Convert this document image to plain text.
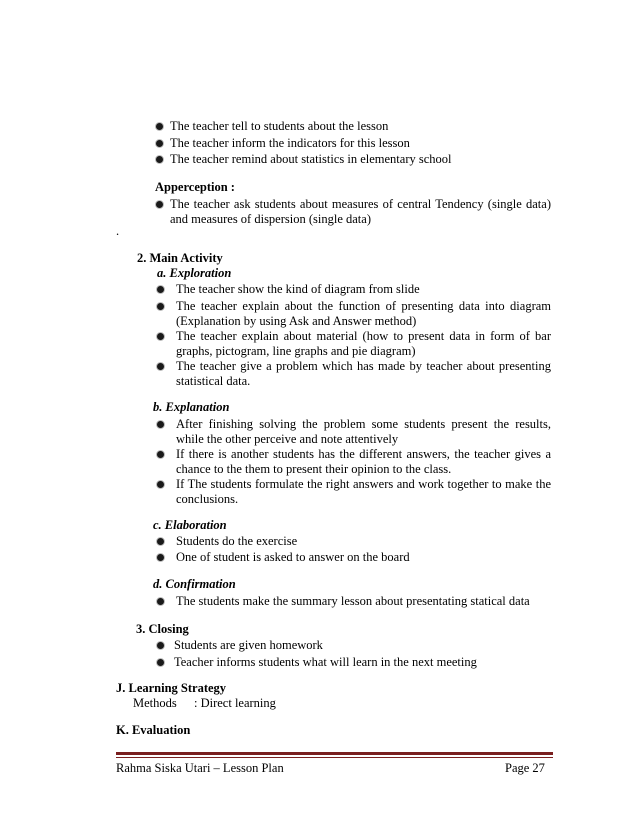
The teacher tell to students about the lesson
The teacher inform the indicators for this lesson
The teacher remind about statistics in elementary school
Apperception :
The teacher ask students about measures of central Tendency (single data)
and measures of dispersion (single data)
.
2. Main Activity
a. Exploration
The teacher show the kind of diagram from slide
The teacher explain about the function of presenting data into diagram
(Explanation by using Ask and Answer method)
The teacher explain about material (how to present data in form of bar
graphs, pictogram, line graphs and pie diagram)
The teacher give a problem which has made by teacher about presenting
statistical data.
b. Explanation
After finishing solving the problem some students present the results,
while the other perceive and note attentively
If there is another students has the different answers, the teacher gives a
chance to the them to present their opinion to the class.
If The students formulate the right answers and work together to make the
conclusions.
c. Elaboration
Students do the exercise
One of student is asked to answer on the board
d. Confirmation
The students make the summary lesson about presentating statical data
3. Closing
Students are given homework
Teacher informs students what will learn in the next meeting
J. Learning Strategy
Methods : Direct learning
K. Evaluation
Rahma Siska Utari – Lesson Plan	Page 27
